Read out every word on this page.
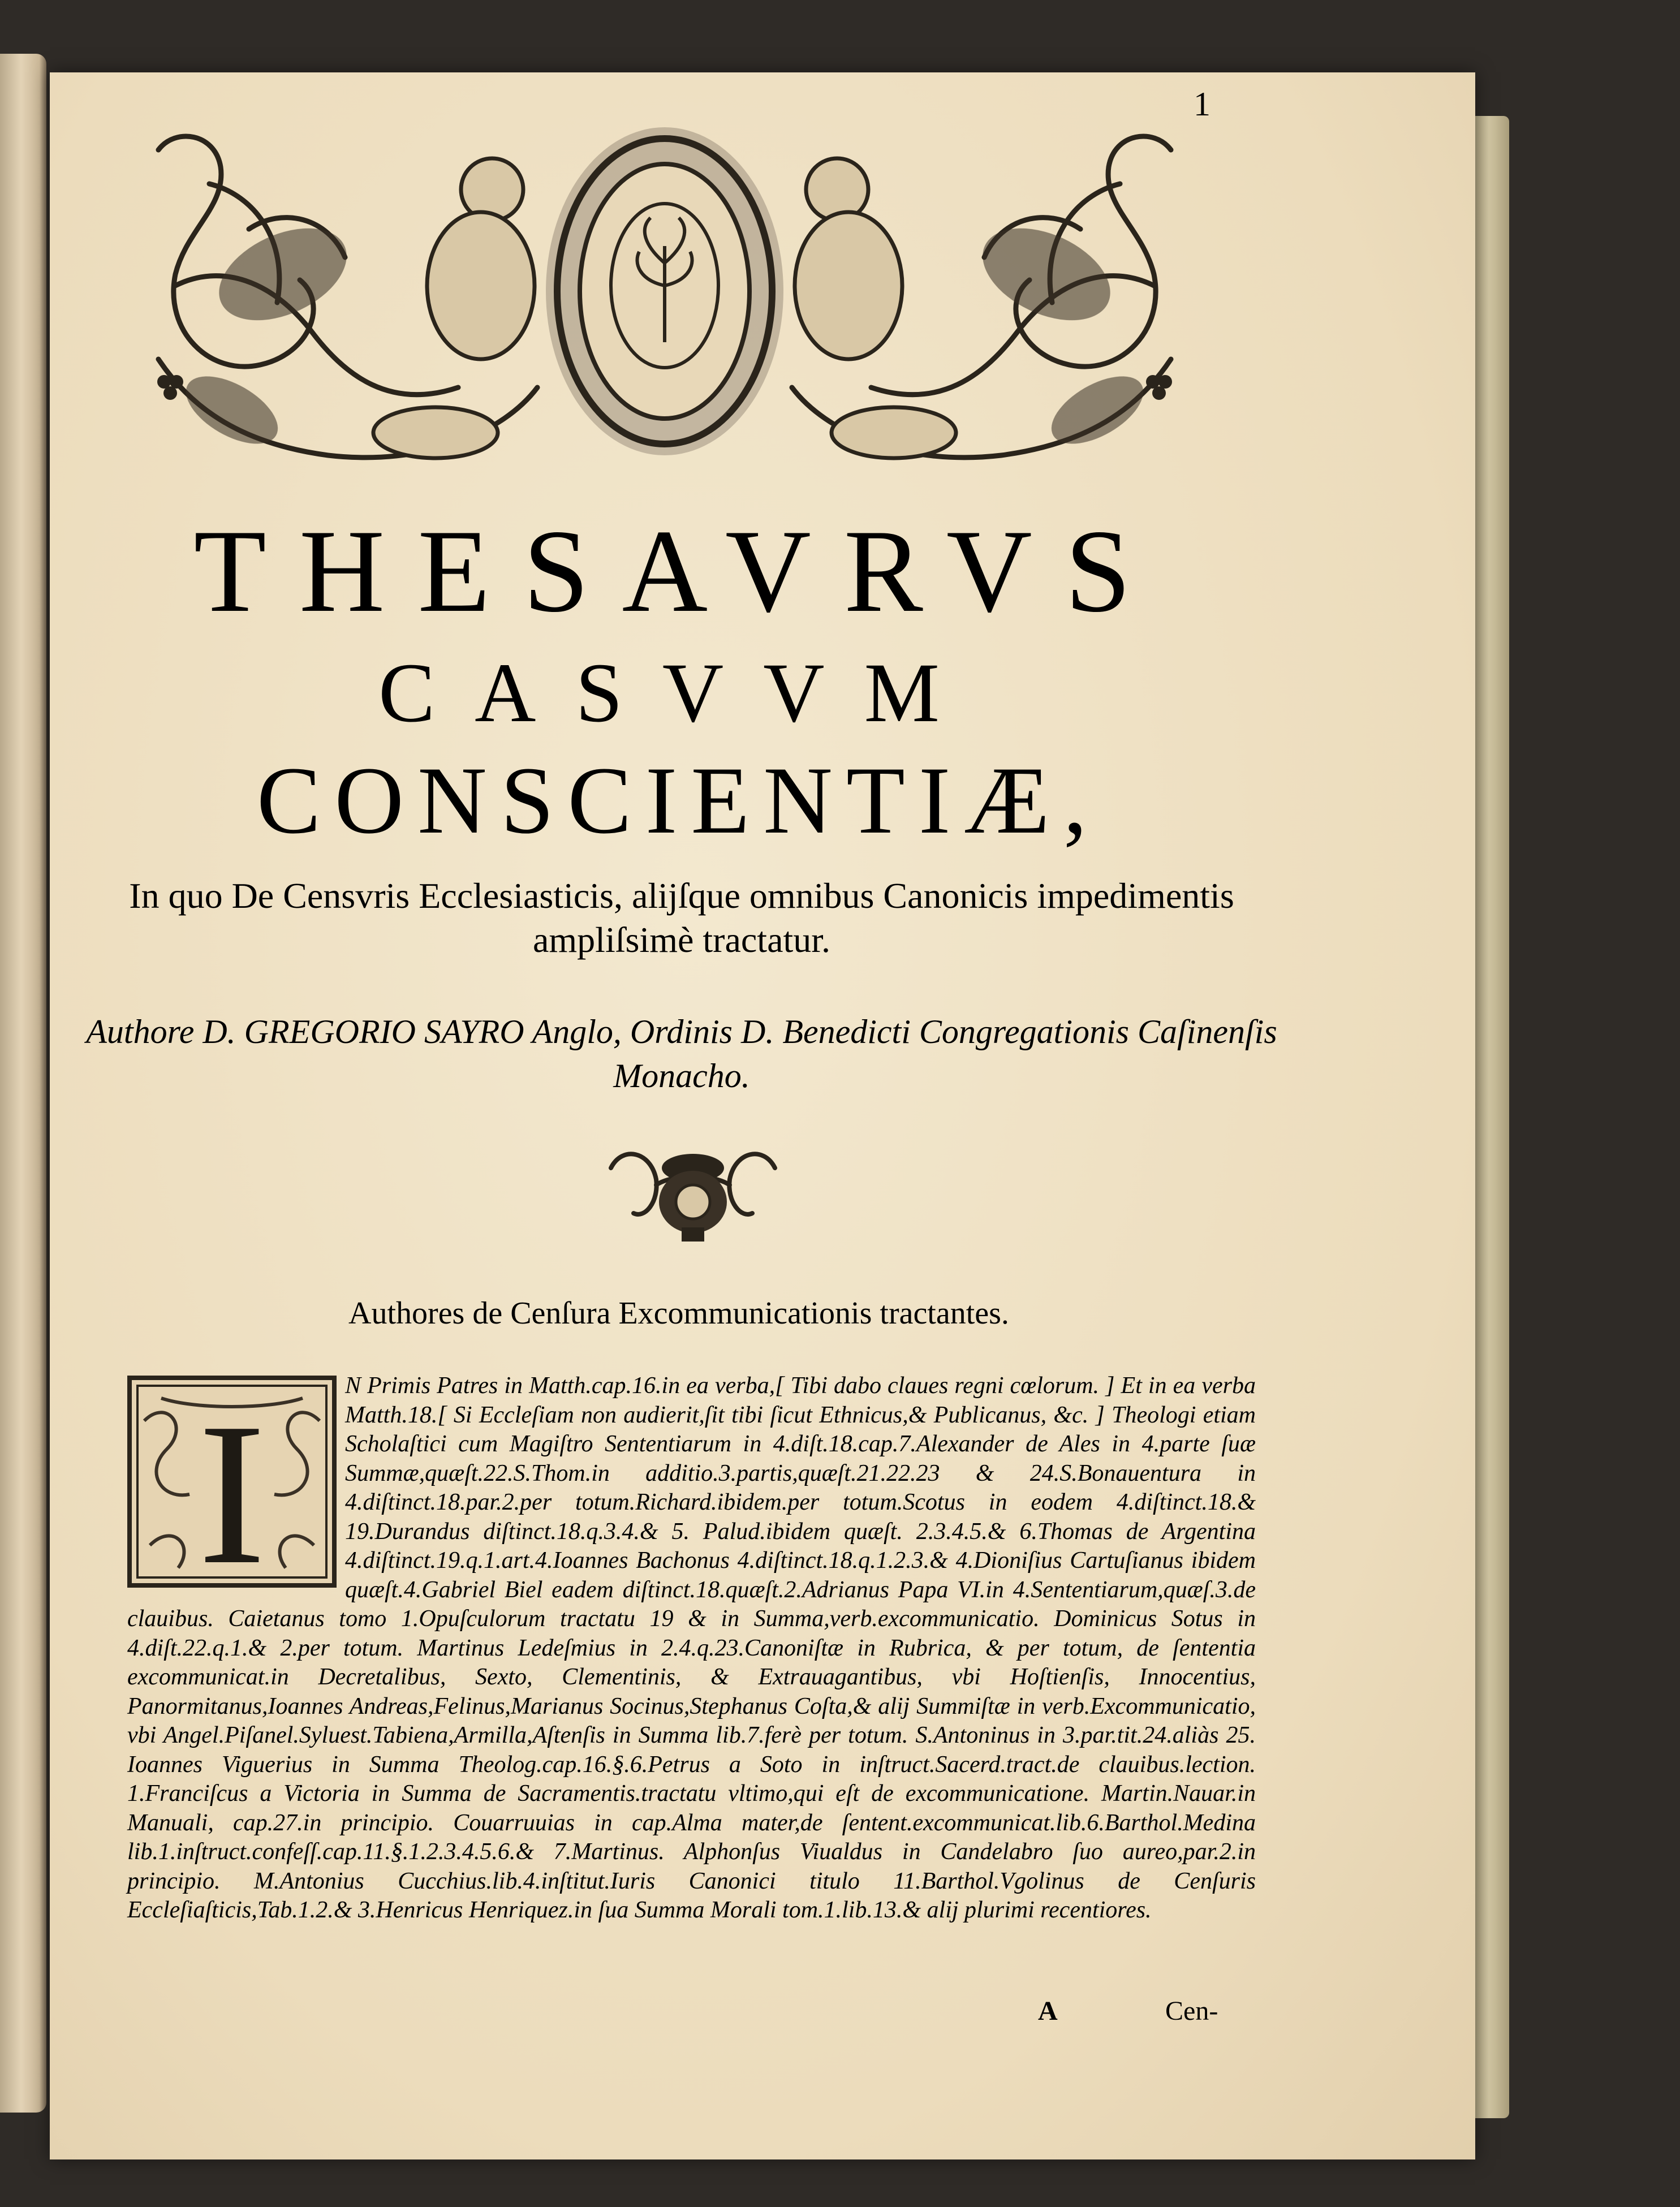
1
THESAVRVS
CASVVM
CONSCIENTIÆ,
In quo De Censvris Ecclesiasticis, alijſque omnibus Canonicis impedimentis ampliſsimè tractatur.
Authore D. GREGORIO SAYRO Anglo, Ordinis D. Benedicti Congregationis Caſinenſis Monacho.
Authores de Cenſura Excommunicationis tractantes.
I	N Primis Patres in Matth.cap.16.in ea verba,[ Tibi dabo claues regni cœlorum. ] Et in ea verba Matth.18.[ Si Eccleſiam non audierit,ſit tibi ſicut Ethnicus,& Publicanus, &c. ] Theologi etiam Scholaſtici cum Magiſtro Sententiarum in 4.diſt.18.cap.7.Alexander de Ales in 4.parte ſuæ Summæ,quæſt.22.S.Thom.in additio.3.partis,quæſt.21.22.23 & 24.S.Bonauentura in 4.diſtinct.18.par.2.per totum.Richard.ibidem.per totum.Scotus in eodem 4.diſtinct.18.& 19.Durandus diſtinct.18.q.3.4.& 5. Palud.ibidem quæſt. 2.3.4.5.& 6.Thomas de Argentina 4.diſtinct.19.q.1.art.4.Ioannes Bachonus 4.diſtinct.18.q.1.2.3.& 4.Dioniſius Cartuſianus ibidem quæſt.4.Gabriel Biel eadem diſtinct.18.quæſt.2.Adrianus Papa VI.in 4.Sententiarum,quæſ.3.de clauibus. Caietanus tomo 1.Opuſculorum tractatu 19 & in Summa,verb.excommunicatio. Dominicus Sotus in 4.diſt.22.q.1.& 2.per totum. Martinus Ledeſmius in 2.4.q.23.Canoniſtæ in Rubrica, & per totum, de ſententia excommunicat.in Decretalibus, Sexto, Clementinis, & Extrauagantibus, vbi Hoſtienſis, Innocentius, Panormitanus,Ioannes Andreas,Felinus,Marianus Socinus,Stephanus Coſta,& alij Summiſtæ in verb.Excommunicatio, vbi Angel.Piſanel.Syluest.Tabiena,Armilla,Aſtenſis in Summa lib.7.ferè per totum. S.Antoninus in 3.par.tit.24.aliàs 25. Ioannes Viguerius in Summa Theolog.cap.16.§.6.Petrus a Soto in inſtruct.Sacerd.tract.de clauibus.lection. 1.Franciſcus a Victoria in Summa de Sacramentis.tractatu vltimo,qui eſt de excommunicatione. Martin.Nauar.in Manuali, cap.27.in principio. Couarruuias in cap.Alma mater,de ſentent.excommunicat.lib.6.Barthol.Medina lib.1.inſtruct.confeſſ.cap.11.§.1.2.3.4.5.6.& 7.Martinus. Alphonſus Viualdus in Candelabro ſuo aureo,par.2.in principio. M.Antonius Cucchius.lib.4.inſtitut.Iuris Canonici titulo 11.Barthol.Vgolinus de Cenſuris Eccleſiaſticis,Tab.1.2.& 3.Henricus Henriquez.in ſua Summa Morali tom.1.lib.13.& alij plurimi recentiores.
A	Cen-
